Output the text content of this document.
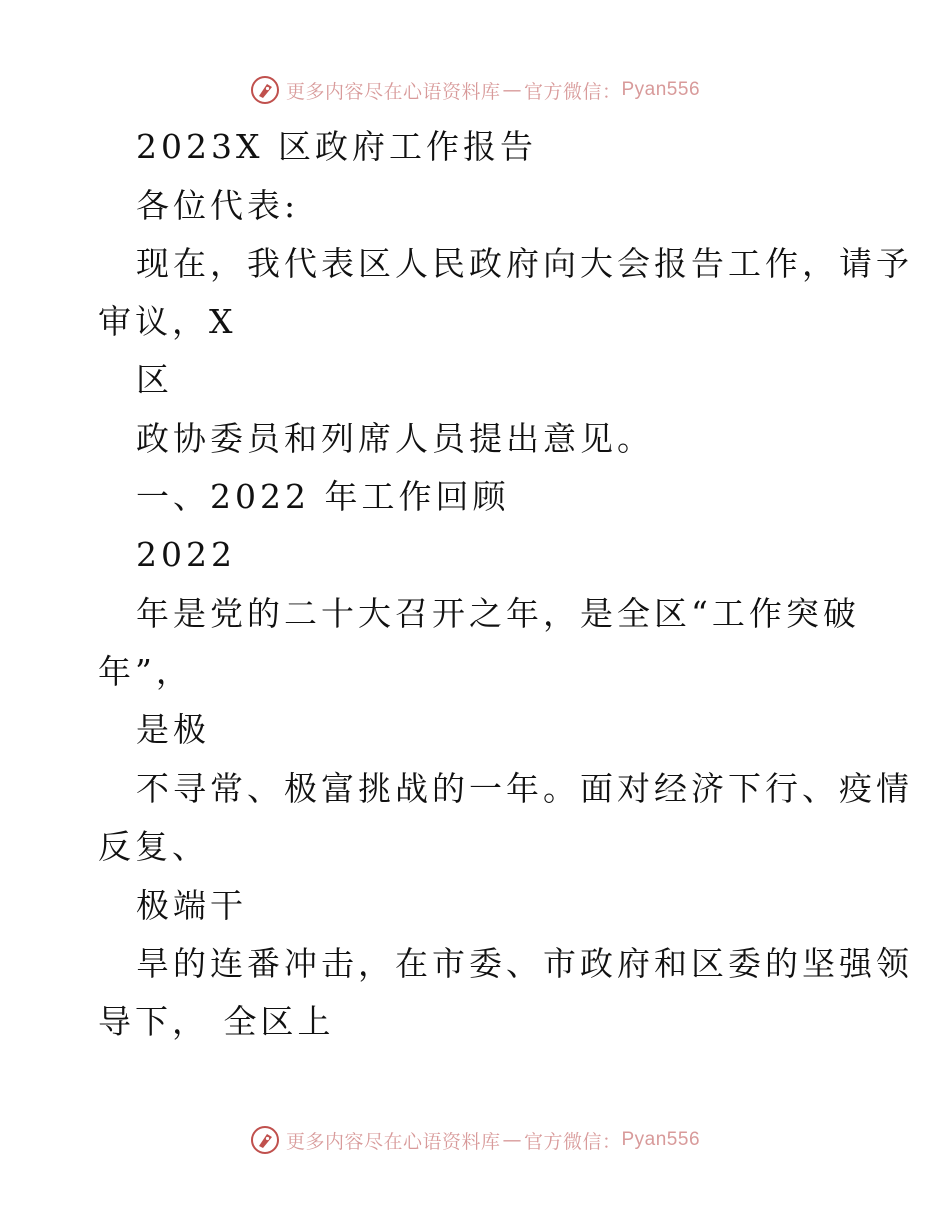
更多内容尽在心语资料库 — 官方微信： Pyan556
2023X 区政府工作报告
各位代表:
现在，我代表区人民政府向大会报告工作，请予
审议，X
区
政协委员和列席人员提出意见。
一、2022 年工作回顾
2022
年是党的二十大召开之年，是全区“工作突破
年”，
是极
不寻常、极富挑战的一年。面对经济下行、疫情
反复、
极端干
旱的连番冲击，在市委、市政府和区委的坚强领
导下， 全区上
更多内容尽在心语资料库 — 官方微信： Pyan556
